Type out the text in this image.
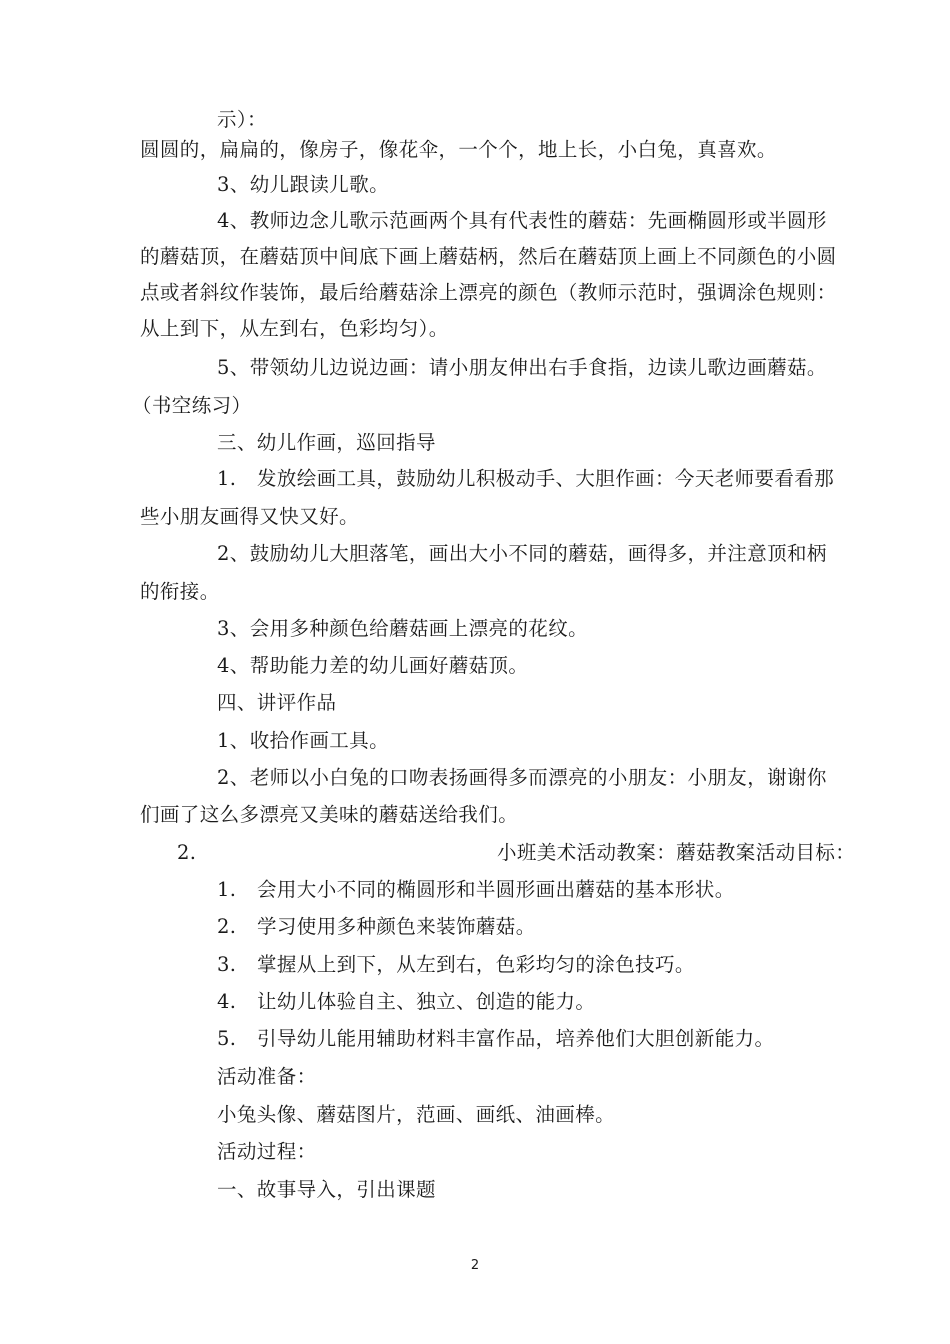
示）：
圆圆的，扁扁的，像房子，像花伞，一个个，地上长，小白兔，真喜欢。
3、幼儿跟读儿歌。
4、教师边念儿歌示范画两个具有代表性的蘑菇：先画椭圆形或半圆形
的蘑菇顶，在蘑菇顶中间底下画上蘑菇柄，然后在蘑菇顶上画上不同颜色的小圆
点或者斜纹作装饰，最后给蘑菇涂上漂亮的颜色（教师示范时，强调涂色规则：
从上到下，从左到右，色彩均匀）。
5、带领幼儿边说边画：请小朋友伸出右手食指，边读儿歌边画蘑菇。
（书空练习）
三、幼儿作画，巡回指导
1. 发放绘画工具，鼓励幼儿积极动手、大胆作画：今天老师要看看那
些小朋友画得又快又好。
2、鼓励幼儿大胆落笔，画出大小不同的蘑菇，画得多，并注意顶和柄
的衔接。
3、会用多种颜色给蘑菇画上漂亮的花纹。
4、帮助能力差的幼儿画好蘑菇顶。
四、讲评作品
1、收拾作画工具。
2、老师以小白兔的口吻表扬画得多而漂亮的小朋友：小朋友，谢谢你
们画了这么多漂亮又美味的蘑菇送给我们。
2.	小班美术活动教案：蘑菇教案活动目标：
1. 会用大小不同的椭圆形和半圆形画出蘑菇的基本形状。
2. 学习使用多种颜色来装饰蘑菇。
3. 掌握从上到下，从左到右，色彩均匀的涂色技巧。
4. 让幼儿体验自主、独立、创造的能力。
5. 引导幼儿能用辅助材料丰富作品，培养他们大胆创新能力。
活动准备：
小兔头像、蘑菇图片，范画、画纸、油画棒。
活动过程：
一、故事导入，引出课题
2
